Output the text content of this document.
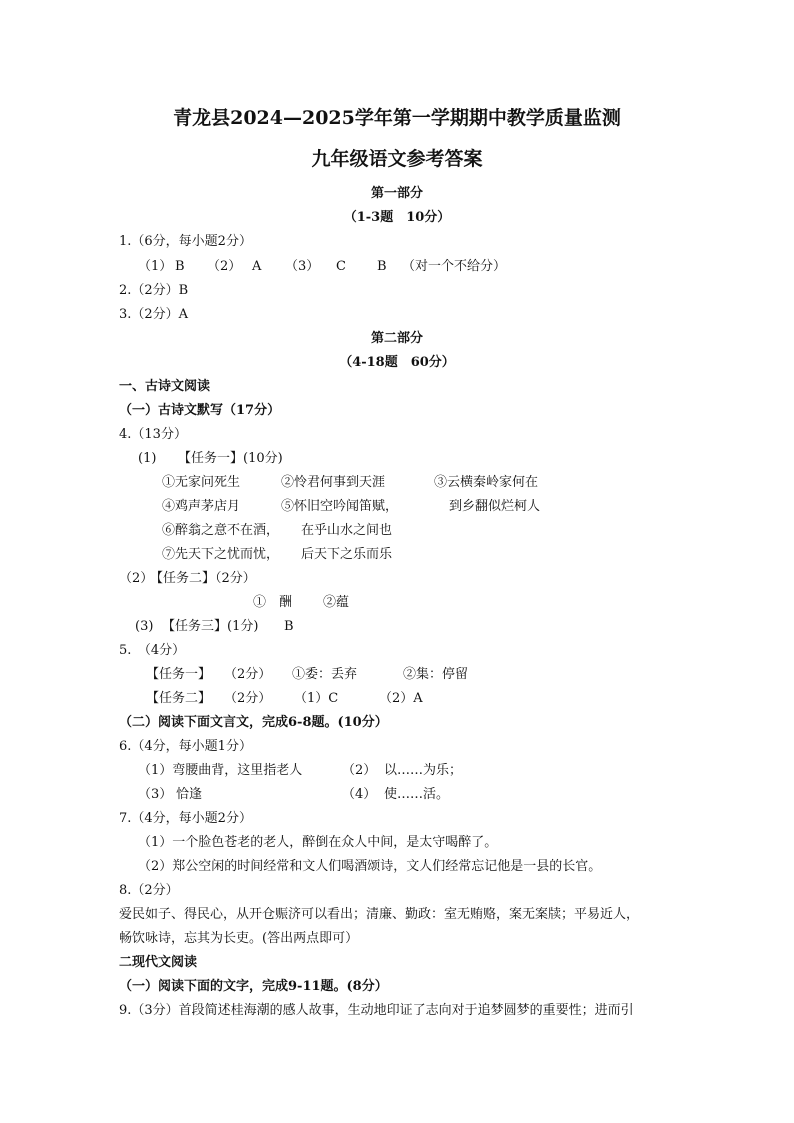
青龙县2024—2025学年第一学期期中教学质量监测
九年级语文参考答案
第一部分
（1-3题　10分）
1.（6分，每小题2分）
（1） B （2） A （3） C B （对一个不给分）
2.（2分）B
3.（2分）A
第二部分
（4-18题　60分）
一、古诗文阅读
（一）古诗文默写（17分）
4.（13分）
(1) 【任务一】(10分)
①无家问死生	②怜君何事到天涯	③云横秦岭家何在
④鸡声茅店月	⑤怀旧空吟闻笛赋，	到乡翻似烂柯人
⑥醉翁之意不在酒， 在乎山水之间也
⑦先天下之忧而忧， 后天下之乐而乐
（2）
【任务二】（2分）
①　酬 ②蕴
(3) 【任务三】(1分) B
5.　（4分）
【任务一】 （2分） ①委：丢弃	②集：停留
【任务二】 （2分） （1）C	（2）A
（二）阅读下面文言文，完成6-8题。(10分）
6.（4分，每小题1分）
（1）弯腰曲背，这里指老人	（2） 以……为乐；
（3） 恰逢	（4） 使……活。
7.（4分，每小题2分）
（1）一个脸色苍老的老人，醉倒在众人中间，是太守喝醉了。
（2）郑公空闲的时间经常和文人们喝酒颂诗，文人们经常忘记他是一县的长官。
8.（2分）
爱民如子、得民心，从开仓赈济可以看出；清廉、勤政：室无贿赂，案无案牍；平易近人，
畅饮咏诗，忘其为长吏。(答出两点即可）
二现代文阅读
（一）阅读下面的文字，完成9-11题。(8分）
9.（3分）首段简述桂海潮的感人故事，生动地印证了志向对于追梦圆梦的重要性；进而引
